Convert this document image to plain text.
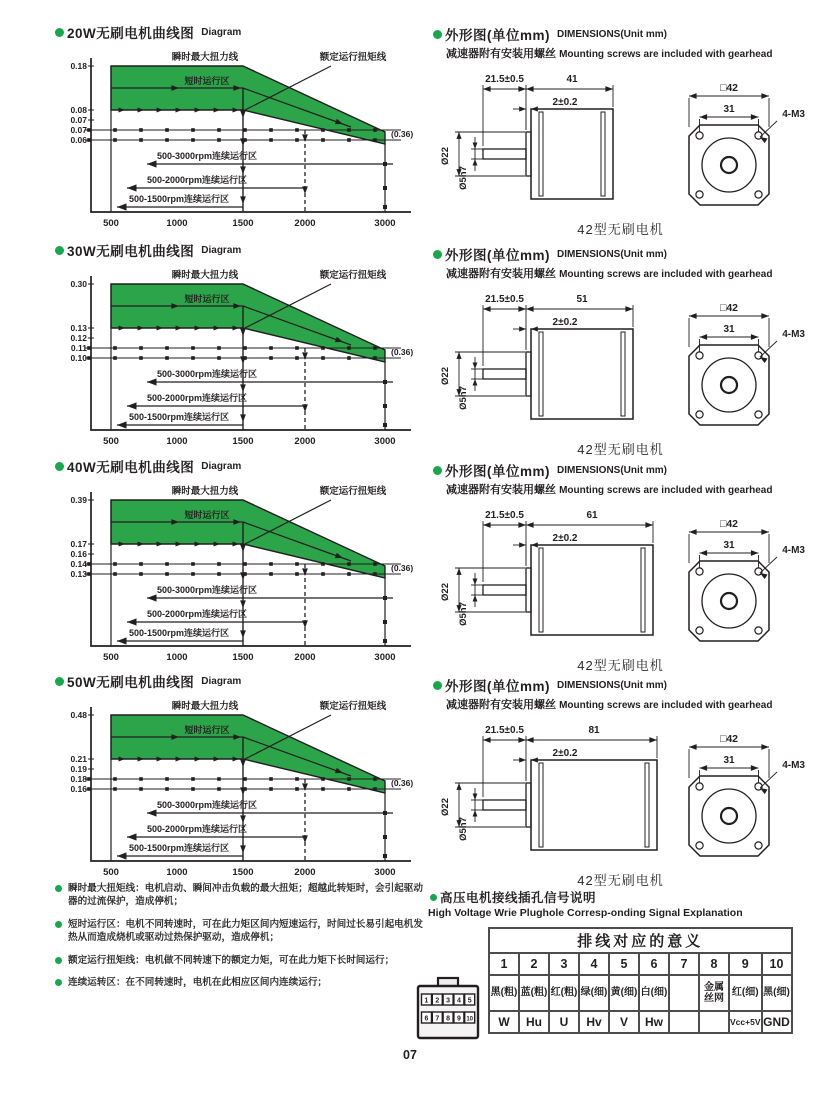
20W无刷电机曲线图 Diagram
瞬时最大扭力线
短时运行区
额定运行扭矩线
(0.36)
500-3000rpm连续运行区
500-2000rpm连续运行区
500-1500rpm连续运行区
0.18
0.08
0.07
0.07
0.06
500	1000	1500	2000	3000
30W无刷电机曲线图 Diagram
瞬时最大扭力线
短时运行区
额定运行扭矩线
(0.36)
500-3000rpm连续运行区
500-2000rpm连续运行区
500-1500rpm连续运行区
0.30
0.13
0.12
0.11
0.10
500	1000	1500	2000	3000
40W无刷电机曲线图 Diagram
瞬时最大扭力线
短时运行区
额定运行扭矩线
(0.36)
500-3000rpm连续运行区
500-2000rpm连续运行区
500-1500rpm连续运行区
0.39
0.17
0.16
0.14
0.13
500	1000	1500	2000	3000
50W无刷电机曲线图 Diagram
瞬时最大扭力线
短时运行区
额定运行扭矩线
(0.36)
500-3000rpm连续运行区
500-2000rpm连续运行区
500-1500rpm连续运行区
0.48
0.21
0.19
0.18
0.16
500	1000	1500	2000	3000
瞬时最大扭矩线：电机启动、瞬间冲击负载的最大扭矩；超越此转矩时，会引起驱动器的过流保护，造成停机；
短时运行区：电机不同转速时，可在此力矩区间内短速运行，时间过长易引起电机发热从而造成烧机或驱动过热保护驱动，造成停机；
额定运行扭矩线：电机做不同转速下的额定力矩，可在此力矩下长时间运行；
连续运转区：在不同转速时，电机在此相应区间内连续运行；
外形图(单位mm) DIMENSIONS(Unit mm)
减速器附有安装用螺丝 Mounting screws are included with gearhead
21.5±0.5	41
2±0.2
Ø22
Ø5h7
□42
31	4-M3
42型无刷电机
外形图(单位mm) DIMENSIONS(Unit mm)
减速器附有安装用螺丝 Mounting screws are included with gearhead
21.5±0.5	51
2±0.2
Ø22
Ø5h7
□42
31	4-M3
42型无刷电机
外形图(单位mm) DIMENSIONS(Unit mm)
减速器附有安装用螺丝 Mounting screws are included with gearhead
21.5±0.5	61
2±0.2
Ø22
Ø5h7
□42
31	4-M3
42型无刷电机
外形图(单位mm) DIMENSIONS(Unit mm)
减速器附有安装用螺丝 Mounting screws are included with gearhead
21.5±0.5	81
2±0.2
Ø22
Ø5h7
□42
31	4-M3
42型无刷电机
高压电机接线插孔信号说明
High Voltage Wrie Plughole Corresp-onding Signal Explanation
1 2 3 4 5
6 7 8 9 10
排线对应的意义									
1	2	3	4	5	6	7	8	9	10
黑(粗)	蓝(粗)	红(粗)	绿(细)	黄(细)	白(细)		金属丝网	红(细)	黑(细)
W	Hu	U	Hv	V	Hw			Vcc+5V	GND
07
